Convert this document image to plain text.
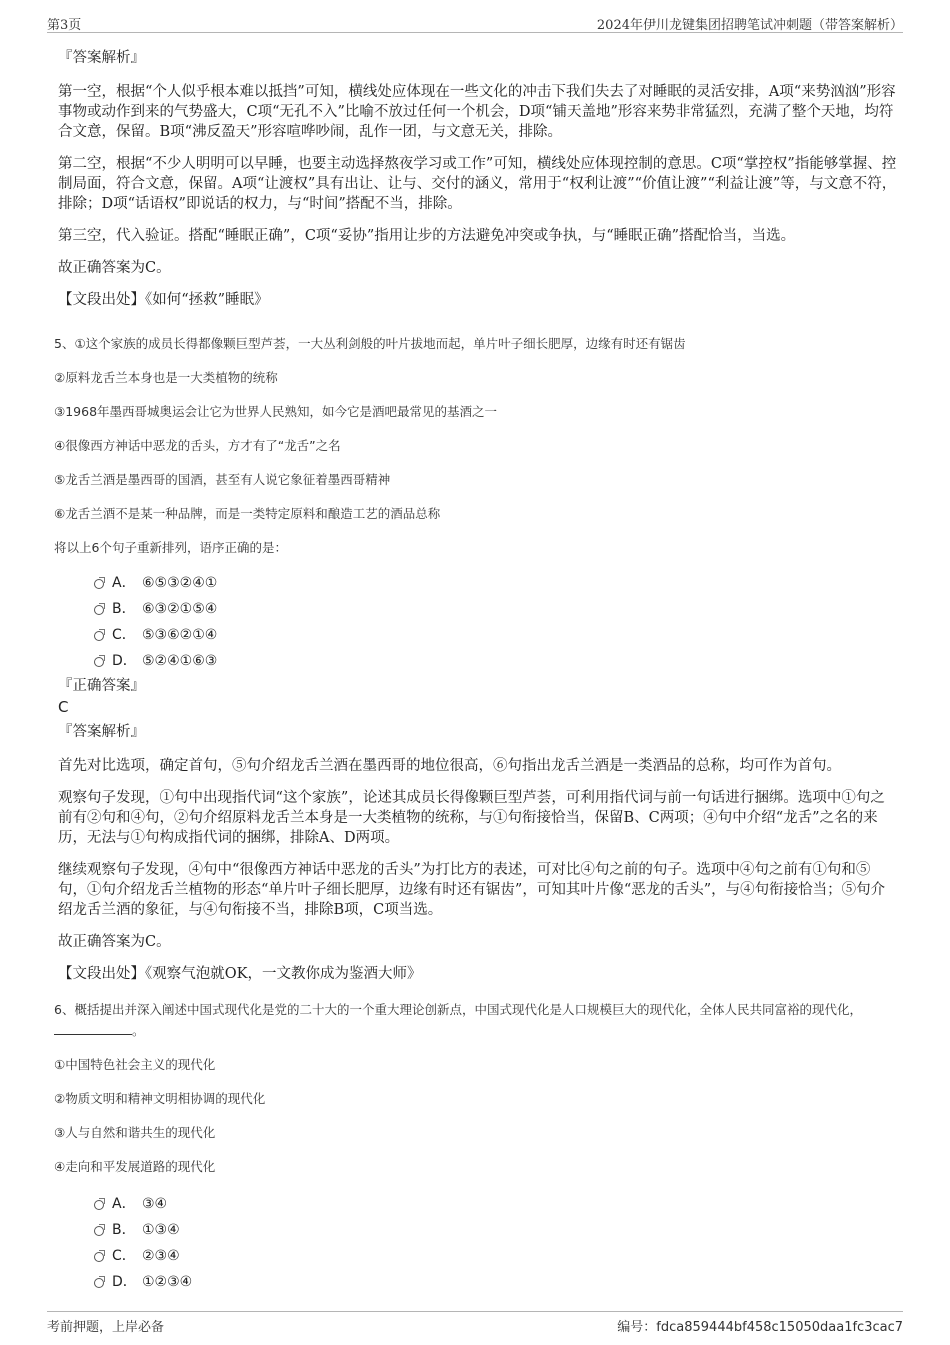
第3页	2024年伊川龙键集团招聘笔试冲刺题（带答案解析）

『答案解析』

第一空，根据“个人似乎根本难以抵挡”可知，横线处应体现在一些文化的冲击下我们失去了对睡眠的灵活安排，A项“来势汹汹”形容事物或动作到来的气势盛大，C项“无孔不入”比喻不放过任何一个机会，D项“铺天盖地”形容来势非常猛烈，充满了整个天地，均符合文意，保留。B项“沸反盈天”形容喧哗吵闹，乱作一团，与文意无关，排除。

第二空，根据“不少人明明可以早睡，也要主动选择熬夜学习或工作”可知，横线处应体现控制的意思。C项“掌控权”指能够掌握、控制局面，符合文意，保留。A项“让渡权”具有出让、让与、交付的涵义，常用于“权利让渡”“价值让渡”“利益让渡”等，与文意不符，排除；D项“话语权”即说话的权力，与“时间”搭配不当，排除。

第三空，代入验证。搭配“睡眠正确”，C项“妥协”指用让步的方法避免冲突或争执，与“睡眠正确”搭配恰当，当选。

故正确答案为C。

【文段出处】《如何“拯救”睡眠》

5、①这个家族的成员长得都像颗巨型芦荟，一大丛利剑般的叶片拔地而起，单片叶子细长肥厚，边缘有时还有锯齿

②原料龙舌兰本身也是一大类植物的统称

③1968年墨西哥城奥运会让它为世界人民熟知，如今它是酒吧最常见的基酒之一

④很像西方神话中恶龙的舌头，方才有了“龙舌”之名

⑤龙舌兰酒是墨西哥的国酒，甚至有人说它象征着墨西哥精神

⑥龙舌兰酒不是某一种品牌，而是一类特定原料和酿造工艺的酒品总称

将以上6个句子重新排列，语序正确的是：

A． ⑥⑤③②④①
B． ⑥③②①⑤④
C． ⑤③⑥②①④
D． ⑤②④①⑥③

『正确答案』

C

『答案解析』

首先对比选项，确定首句，⑤句介绍龙舌兰酒在墨西哥的地位很高，⑥句指出龙舌兰酒是一类酒品的总称，均可作为首句。

观察句子发现，①句中出现指代词“这个家族”，论述其成员长得像颗巨型芦荟，可利用指代词与前一句话进行捆绑。选项中①句之前有②句和④句，②句介绍原料龙舌兰本身是一大类植物的统称，与①句衔接恰当，保留B、C两项；④句中介绍“龙舌”之名的来历，无法与①句构成指代词的捆绑，排除A、D两项。

继续观察句子发现，④句中“很像西方神话中恶龙的舌头”为打比方的表述，可对比④句之前的句子。选项中④句之前有①句和⑤句，①句介绍龙舌兰植物的形态“单片叶子细长肥厚，边缘有时还有锯齿”，可知其叶片像“恶龙的舌头”，与④句衔接恰当；⑤句介绍龙舌兰酒的象征，与④句衔接不当，排除B项，C项当选。

故正确答案为C。

【文段出处】《观察气泡就OK，一文教你成为鉴酒大师》

6、概括提出并深入阐述中国式现代化是党的二十大的一个重大理论创新点，中国式现代化是人口规模巨大的现代化，全体人民共同富裕的现代化，。

①中国特色社会主义的现代化

②物质文明和精神文明相协调的现代化

③人与自然和谐共生的现代化

④走向和平发展道路的现代化

A． ③④
B． ①③④
C． ②③④
D． ①②③④
考前押题，上岸必备	编号：fdca859444bf458c15050daa1fc3cac7
